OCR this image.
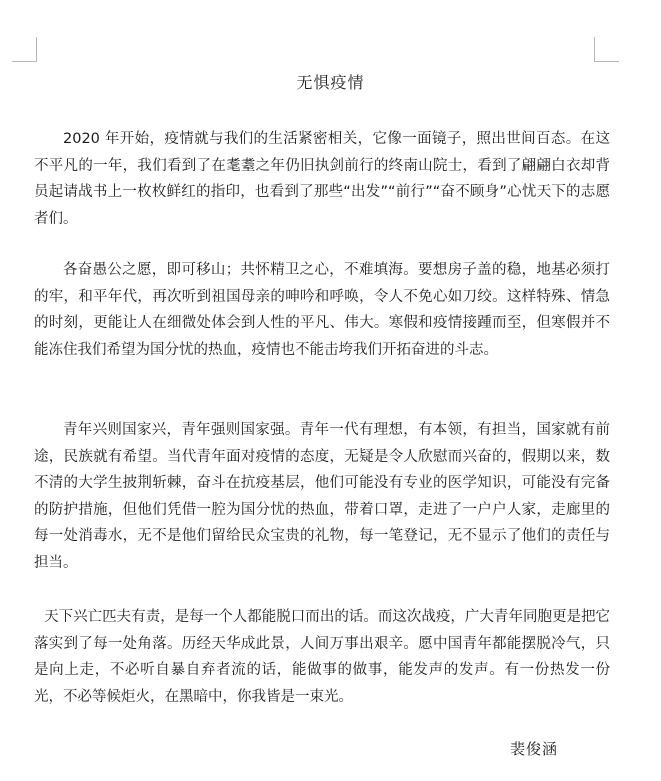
无惧疫情

2020 年开始，疫情就与我们的生活紧密相关，它像一面镜子，照出世间百态。在这不平凡的一年，我们看到了在耄耋之年仍旧执剑前行的终南山院士，看到了翩翩白衣却背员起请战书上一枚枚鲜红的指印，也看到了那些“出发”“前行”“奋不顾身”心忧天下的志愿者们。

各奋愚公之愿，即可移山；共怀精卫之心，不难填海。要想房子盖的稳，地基必须打的牢，和平年代，再次听到祖国母亲的呻吟和呼唤，令人不免心如刀绞。这样特殊、情急的时刻，更能让人在细微处体会到人性的平凡、伟大。寒假和疫情接踵而至，但寒假并不能冻住我们希望为国分忧的热血，疫情也不能击垮我们开拓奋进的斗志。

青年兴则国家兴，青年强则国家强。青年一代有理想，有本领，有担当，国家就有前途，民族就有希望。当代青年面对疫情的态度，无疑是令人欣慰而兴奋的，假期以来，数不清的大学生披荆斩棘，奋斗在抗疫基层，他们可能没有专业的医学知识，可能没有完备的防护措施，但他们凭借一腔为国分忧的热血，带着口罩，走进了一户户人家，走廊里的每一处消毒水，无不是他们留给民众宝贵的礼物，每一笔登记，无不显示了他们的责任与担当。

天下兴亡匹夫有责，是每一个人都能脱口而出的话。而这次战疫，广大青年同胞更是把它落实到了每一处角落。历经天华成此景，人间万事出艰辛。愿中国青年都能摆脱冷气，只是向上走，不必听自暴自弃者流的话，能做事的做事，能发声的发声。有一份热发一份光，不必等候炬火，在黑暗中，你我皆是一束光。

裴俊涵
